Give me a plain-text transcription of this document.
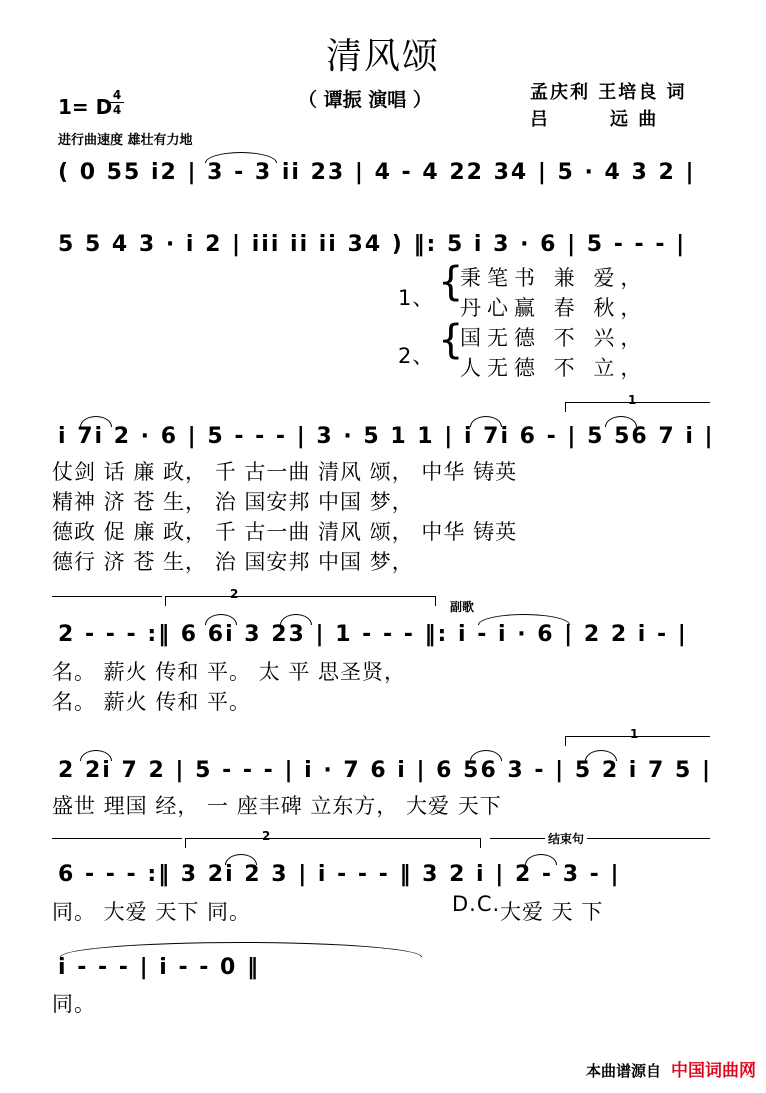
清风颂
（ 谭振 演唱 ）	孟庆利 王培良 词
吕　　　远 曲
1= D 4
4
进行曲速度 雄壮有力地
( 0 55 i2 | 3 - 3 ii 23 | 4 - 4 22 34 | 5 · 4 3 2 |
5 5 4 3 · i 2 | iii ii ii 34 ) ‖: 5 i 3 · 6 | 5 - - - |
1、
2、
{
{
秉笔书 兼 爱，
丹心赢 春 秋，
国无德 不 兴，
人无德 不 立，
1
i 7i 2 · 6 | 5 - - - | 3 · 5 1 1 | i 7i 6 - | 5 56 7 i |
仗剑 话 廉 政， 千 古一曲 清风 颂， 中华 铸英
精神 济 苍 生， 治 国安邦 中国 梦，
德政 促 廉 政， 千 古一曲 清风 颂， 中华 铸英
德行 济 苍 生， 治 国安邦 中国 梦，
2
副歌
2 - - - :‖ 6 6i 3 23 | 1 - - - ‖: i - i · 6 | 2 2 i - |
名。 薪火 传和 平。 太 平 思圣贤，
名。 薪火 传和 平。
1
2 2i 7 2 | 5 - - - | i · 7 6 i | 6 56 3 - | 5 2 i 7 5 |
盛世 理国 经， 一 座丰碑 立东方， 大爱 天下
2	结束句
6 - - - :‖ 3 2i 2 3 | i - - - ‖ 3 2 i | 2 - 3 - |
同。 大爱 天下 同。	D.C. 大爱 天 下
i - - - | i - - 0 ‖
同。
本曲谱源自 中国词曲网
